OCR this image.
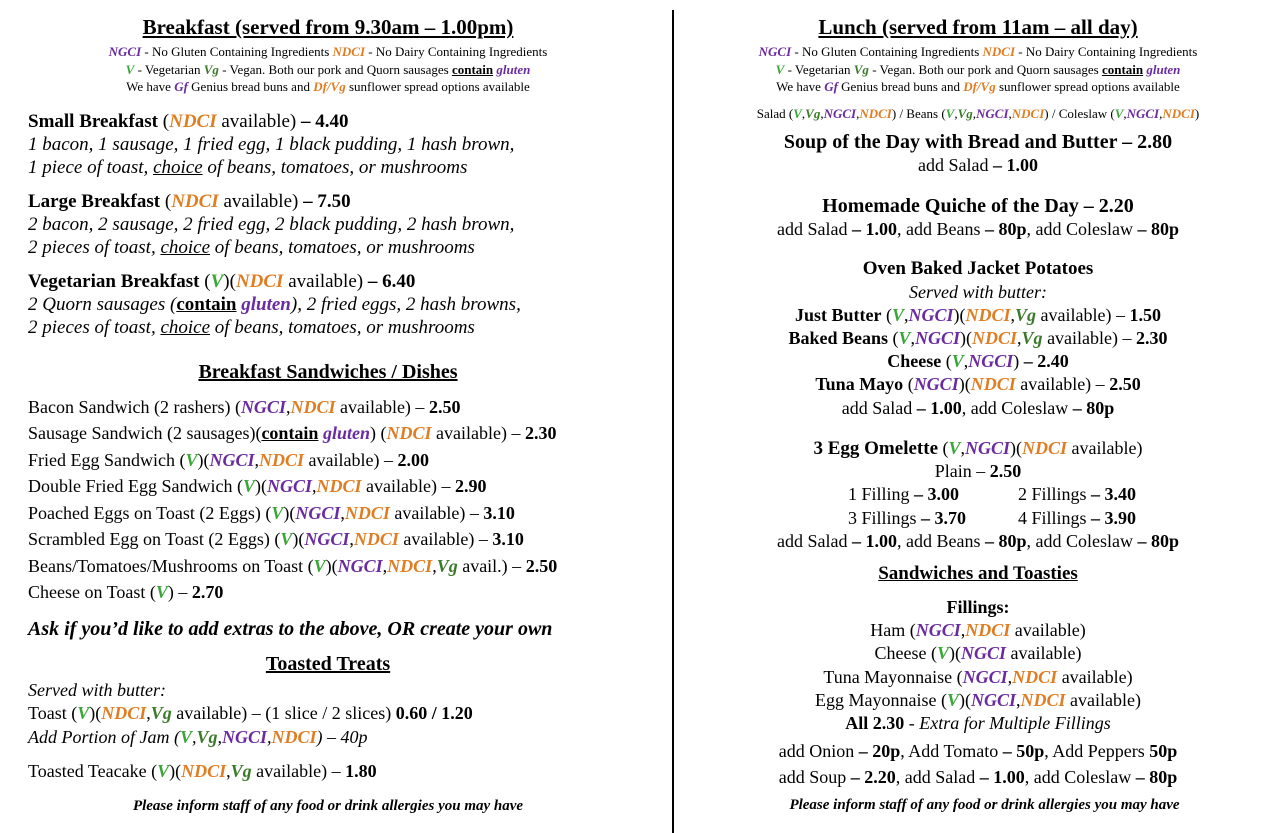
Breakfast (served from 9.30am – 1.00pm)
NGCI - No Gluten Containing Ingredients NDCI - No Dairy Containing Ingredients
V - Vegetarian Vg - Vegan. Both our pork and Quorn sausages contain gluten
We have Gf Genius bread buns and Df/Vg sunflower spread options available
Small Breakfast (NDCI available) – 4.40
1 bacon, 1 sausage, 1 fried egg, 1 black pudding, 1 hash brown,
1 piece of toast, choice of beans, tomatoes, or mushrooms
Large Breakfast (NDCI available) – 7.50
2 bacon, 2 sausage, 2 fried egg, 2 black pudding, 2 hash brown,
2 pieces of toast, choice of beans, tomatoes, or mushrooms
Vegetarian Breakfast (V)(NDCI available) – 6.40
2 Quorn sausages (contain gluten), 2 fried eggs, 2 hash browns,
2 pieces of toast, choice of beans, tomatoes, or mushrooms
Breakfast Sandwiches / Dishes
Bacon Sandwich (2 rashers) (NGCI,NDCI available) – 2.50
Sausage Sandwich (2 sausages)(contain gluten) (NDCI available) – 2.30
Fried Egg Sandwich (V)(NGCI,NDCI available) – 2.00
Double Fried Egg Sandwich (V)(NGCI,NDCI available) – 2.90
Poached Eggs on Toast (2 Eggs) (V)(NGCI,NDCI available) – 3.10
Scrambled Egg on Toast (2 Eggs) (V)(NGCI,NDCI available) – 3.10
Beans/Tomatoes/Mushrooms on Toast (V)(NGCI,NDCI,Vg avail.) – 2.50
Cheese on Toast (V) – 2.70
Ask if you’d like to add extras to the above, OR create your own
Toasted Treats
Served with butter:
Toast (V)(NDCI,Vg available) – (1 slice / 2 slices) 0.60 / 1.20
Add Portion of Jam (V,Vg,NGCI,NDCI) – 40p
Toasted Teacake (V)(NDCI,Vg available) – 1.80
Please inform staff of any food or drink allergies you may have
Lunch (served from 11am – all day)
NGCI - No Gluten Containing Ingredients NDCI - No Dairy Containing Ingredients
V - Vegetarian Vg - Vegan. Both our pork and Quorn sausages contain gluten
We have Gf Genius bread buns and Df/Vg sunflower spread options available
Salad (V,Vg,NGCI,NDCI) / Beans (V,Vg,NGCI,NDCI) / Coleslaw (V,NGCI,NDCI)
Soup of the Day with Bread and Butter – 2.80
add Salad – 1.00
Homemade Quiche of the Day – 2.20
add Salad – 1.00, add Beans – 80p, add Coleslaw – 80p
Oven Baked Jacket Potatoes
Served with butter:
Just Butter (V,NGCI)(NDCI,Vg available) – 1.50
Baked Beans (V,NGCI)(NDCI,Vg available) – 2.30
Cheese (V,NGCI) – 2.40
Tuna Mayo (NGCI)(NDCI available) – 2.50
add Salad – 1.00, add Coleslaw – 80p
3 Egg Omelette (V,NGCI)(NDCI available)
Plain – 2.50
1 Filling – 3.00	2 Fillings – 3.40
3 Fillings – 3.70	4 Fillings – 3.90
add Salad – 1.00, add Beans – 80p, add Coleslaw – 80p
Sandwiches and Toasties
Fillings:
Ham (NGCI,NDCI available)
Cheese (V)(NGCI available)
Tuna Mayonnaise (NGCI,NDCI available)
Egg Mayonnaise (V)(NGCI,NDCI available)
All 2.30 - Extra for Multiple Fillings
add Onion – 20p, Add Tomato – 50p, Add Peppers 50p
add Soup – 2.20, add Salad – 1.00, add Coleslaw – 80p
Please inform staff of any food or drink allergies you may have
